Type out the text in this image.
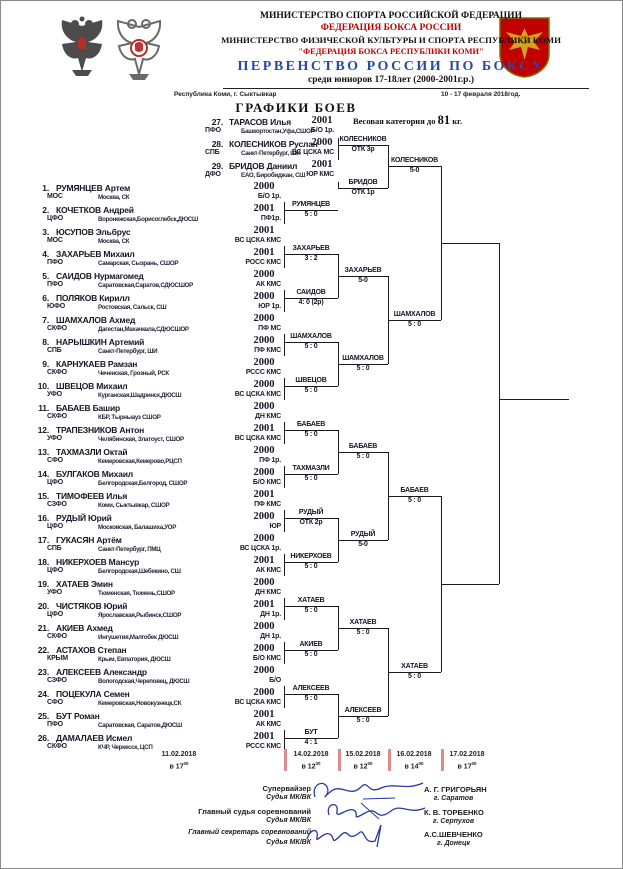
МИНИСТЕРСТВО СПОРТА РОССИЙСКОЙ ФЕДЕРАЦИИ
ФЕДЕРАЦИЯ БОКСА РОССИИ
МИНИСТЕРСТВО ФИЗИЧЕСКОЙ КУЛЬТУРЫ И СПОРТА РЕСПУБЛИКИ КОМИ
"ФЕДЕРАЦИЯ БОКСА РЕСПУБЛИКИ КОМИ"
ПЕРВЕНСТВО РОССИИ ПО БОКСУ
среди юниоров 17-18лет (2000-2001г.р.)
Республика Коми, г. Сыктывкар	10 - 17 февраля 2018год.
ГРАФИКИ БОЕВ
Весовая категория до 81 кг.
27. ТАРАСОВ Илья	2001
ПФО	Башкортостан,Уфа,СШОР
Б/О 1р.
28. КОЛЕСНИКОВ Руслан
2000
СПБ	Санкт-Петербург, ШИ
ВС ЦСКА МС
29. БРИДОВ Даниил	2001
ДФО	ЕАО, Биробиджан, СШ ЮР КМС
1. РУМЯНЦЕВ Артем	2000
МОС	Москва, СК	Б/О 1р.
2. КОЧЕТКОВ Андрей	2001
ЦФО	Воронежская,Борисоглебск,ДЮСШ	ПФ1р.
3. ЮСУПОВ Эльбрус	2001
МОС	Москва, СК	ВС ЦСКА КМС
4. ЗАХАРЬЕВ Михаил	2001
ПФО	Самарская, Сызрань, СШОР	РОСС КМС
5. САИДОВ Нурмагомед	2000
ПФО	Саратовская,Саратов,СДЮСШОР	АК КМС
6. ПОЛЯКОВ Кирилл	2000
ЮФО	Ростовская, Сальск, СШ	ЮР 1р.
7. ШАМХАЛОВ Ахмед	2000
СКФО	Дагестан,Махачкала,СДЮСШОР	ПФ МС
8. НАРЫШКИН Артемий	2000
СПБ	Санкт-Петербург, ШИ	ПФ КМС
9. КАРНУКАЕВ Рамзан	2000
СКФО	Чеченская, Грозный, РСК	РССС КМС
10. ШВЕЦОВ Михаил	2000
УФО	Курганская,Шадринск,ДЮСШ	ВС ЦСКА КМС
11. БАБАЕВ Башир	2000
СКФО	КБР, Тырныауз СШОР	ДН КМС
12. ТРАПЕЗНИКОВ Антон	2001
УФО	Челябинская, Златоуст, СШОР	ВС ЦСКА КМС
13. ТАХМАЗЛИ Октай	2000
СФО	Кемеровская,Кемерово,РЦСП	ПФ 1р.
14. БУЛГАКОВ Михаил	2000
ЦФО	Белгородская,Белгород, СШОР	Б/О КМС
15. ТИМОФЕЕВ Илья	2001
СЗФО	Коми, Сыктывкар, СШОР	ПФ КМС
16. РУДЫЙ Юрий	2000
ЦФО	Московская, Балашиха,УОР	ЮР
17. ГУКАСЯН Артём	2000
СПБ	Санкт-Петербург, ПМЦ	ВС ЦСКА 1р.
18. НИКЕРХОЕВ Мансур	2001
ЦФО	Белгородская,Шебекино, СШ	АК КМС
19. ХАТАЕВ Эмин	2000
УФО	Тюменская, Тюмень,СШОР	ДН КМС
20. ЧИСТЯКОВ Юрий	2001
ЦФО	Ярославская,Рыбинск,СШОР	ДН 1р.
21. АКИЕВ Ахмед	2000
СКФО	Ингушетия,Малгобек ДЮСШ	ДН 1р.
22. АСТАХОВ Степан	2000
КРЫМ	Крым, Евпатория, ДЮСШ	Б/О КМС
23. АЛЕКСЕЕВ Александр	2000
СЗФО	Вологодская,Череповец, ДЮСШ	Б/О
24. ПОЦЕКУЛА Семен	2000
СФО	Кемеровская,Новокузнецк,СК	ВС ЦСКА КМС
25. БУТ Роман	2001
ПФО	Саратовская, Саратов,ДЮСШ	АК КМС
26. ДАМАЛАЕВ Исмел	2001
СКФО	КЧР, Черкесск, ЦСП	РССС КМС
РУМЯНЦЕВ
5 : 0
ЗАХАРЬЕВ
3 : 2
САИДОВ
4: 0 (2р)
ШАМХАЛОВ
5 : 0
ШВЕЦОВ
5 : 0
БАБАЕВ
5 : 0
ТАХМАЗЛИ
5 : 0
РУДЫЙ
ОТК 2р
НИКЕРХОЕВ
5 : 0
ХАТАЕВ
5 : 0
АКИЕВ
5 : 0
АЛЕКСЕЕВ
5 : 0
БУТ
4 : 1
КОЛЕСНИКОВ
ОТК 3р
БРИДОВ
ОТК 1р
КОЛЕСНИКОВ
5-0
ЗАХАРЬЕВ
5-0
ШАМХАЛОВ
5 : 0
БАБАЕВ
5 : 0
РУДЫЙ
5-0
ХАТАЕВ
5 : 0
АЛЕКСЕЕВ
5 : 0
ШАМХАЛОВ
5 : 0
БАБАЕВ
5 : 0
ХАТАЕВ
5 : 0
11.02.2018
в $17^{00}$
14.02.2018
в $12^{00}$
15.02.2018
в $12^{00}$
16.02.2018
в $14^{00}$
17.02.2018
в $17^{00}$
Супервайзер
Судья МК/ВК
А. Г. ГРИГОРЬЯН
г. Саратов
Главный судья соревнований
Судья МК/ВК
К. В. ТОРБЕНКО
г. Серпухов
Главный секретарь соревнований
Судья МК/ВК
А.С.ШЕВЧЕНКО
г. Донецк
